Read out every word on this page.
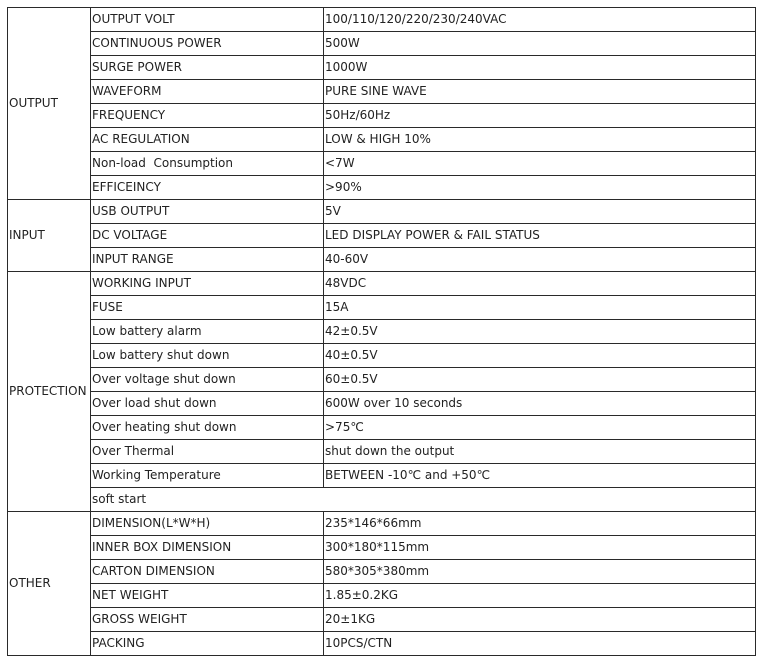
OUTPUT	OUTPUT VOLT	100/110/120/220/230/240VAC
	CONTINUOUS POWER	500W
	SURGE POWER	1000W
	WAVEFORM	PURE SINE WAVE
	FREQUENCY	50Hz/60Hz
	AC REGULATION	LOW & HIGH 10%
	Non-load  Consumption	<7W
	EFFICEINCY	>90%
INPUT	USB OUTPUT	5V
	DC VOLTAGE	LED DISPLAY POWER & FAIL STATUS
	INPUT RANGE	40-60V
PROTECTION	WORKING INPUT	48VDC
	FUSE	15A
	Low battery alarm	42±0.5V
	Low battery shut down	40±0.5V
	Over voltage shut down	60±0.5V
	Over load shut down	600W over 10 seconds
	Over heating shut down	>75℃
	Over Thermal	shut down the output
	Working Temperature	BETWEEN -10℃ and +50℃
	soft start	
OTHER	DIMENSION(L*W*H)	235*146*66mm
	INNER BOX DIMENSION	300*180*115mm
	CARTON DIMENSION	580*305*380mm
	NET WEIGHT	1.85±0.2KG
	GROSS WEIGHT	20±1KG
	PACKING	10PCS/CTN
